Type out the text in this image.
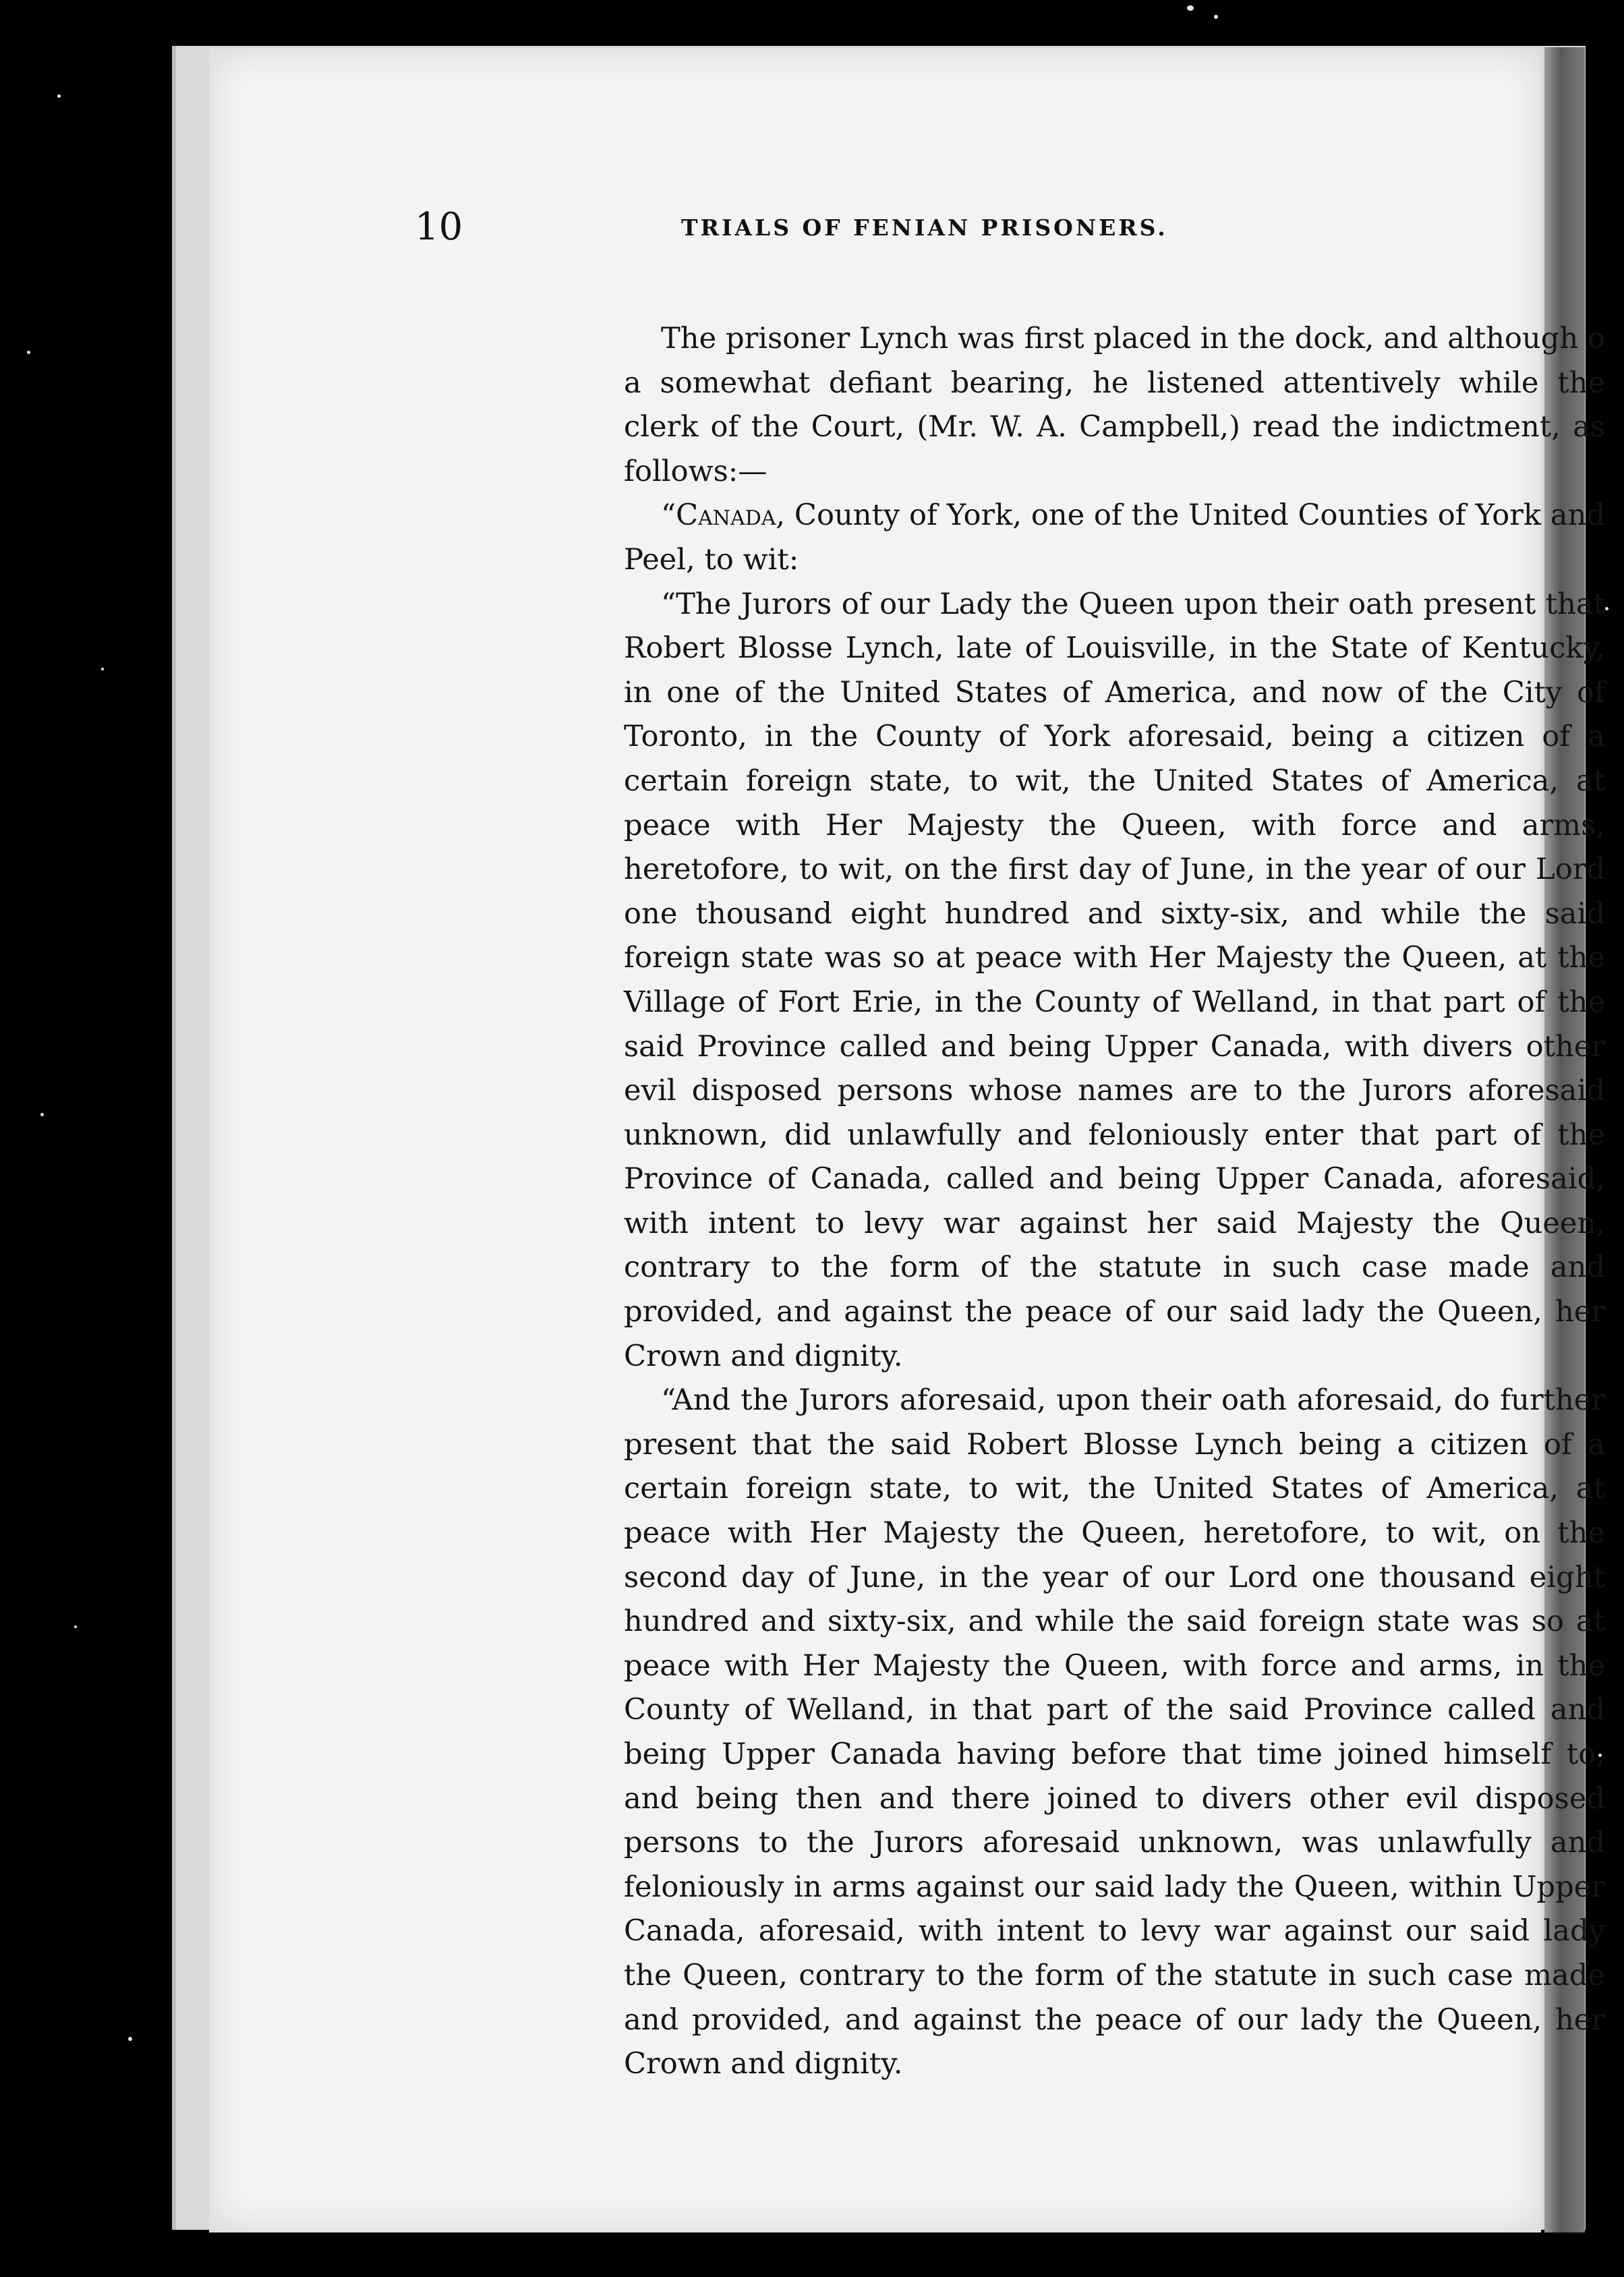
10	TRIALS OF FENIAN PRISONERS.

The prisoner Lynch was first placed in the dock, and although o a somewhat defiant bearing, he listened attentively while the clerk of the Court, (Mr. W. A. Campbell,) read the indictment, as follows:—

“Canada, County of York, one of the United Counties of York and Peel, to wit:

“The Jurors of our Lady the Queen upon their oath present that Robert Blosse Lynch, late of Louisville, in the State of Kentucky, in one of the United States of America, and now of the City of Toronto, in the County of York aforesaid, being a citizen of a certain foreign state, to wit, the United States of America, at peace with Her Majesty the Queen, with force and arms, heretofore, to wit, on the first day of June, in the year of our Lord one thousand eight hundred and sixty-six, and while the said foreign state was so at peace with Her Majesty the Queen, at the Village of Fort Erie, in the County of Welland, in that part of the said Province called and being Upper Canada, with divers other evil disposed persons whose names are to the Jurors aforesaid unknown, did unlawfully and feloniously enter that part of the Province of Canada, called and being Upper Canada, aforesaid, with intent to levy war against her said Majesty the Queen, contrary to the form of the statute in such case made and provided, and against the peace of our said lady the Queen, her Crown and dignity.

“And the Jurors aforesaid, upon their oath aforesaid, do further present that the said Robert Blosse Lynch being a citizen of a certain foreign state, to wit, the United States of America, at peace with Her Majesty the Queen, heretofore, to wit, on the second day of June, in the year of our Lord one thousand eight hundred and sixty-six, and while the said foreign state was so at peace with Her Majesty the Queen, with force and arms, in the County of Welland, in that part of the said Province called and being Upper Canada having before that time joined himself to, and being then and there joined to divers other evil disposed persons to the Jurors aforesaid unknown, was unlawfully and feloniously in arms against our said lady the Queen, within Upper Canada, aforesaid, with intent to levy war against our said lady the Queen, contrary to the form of the statute in such case made and provided, and against the peace of our lady the Queen, her Crown and dignity.
